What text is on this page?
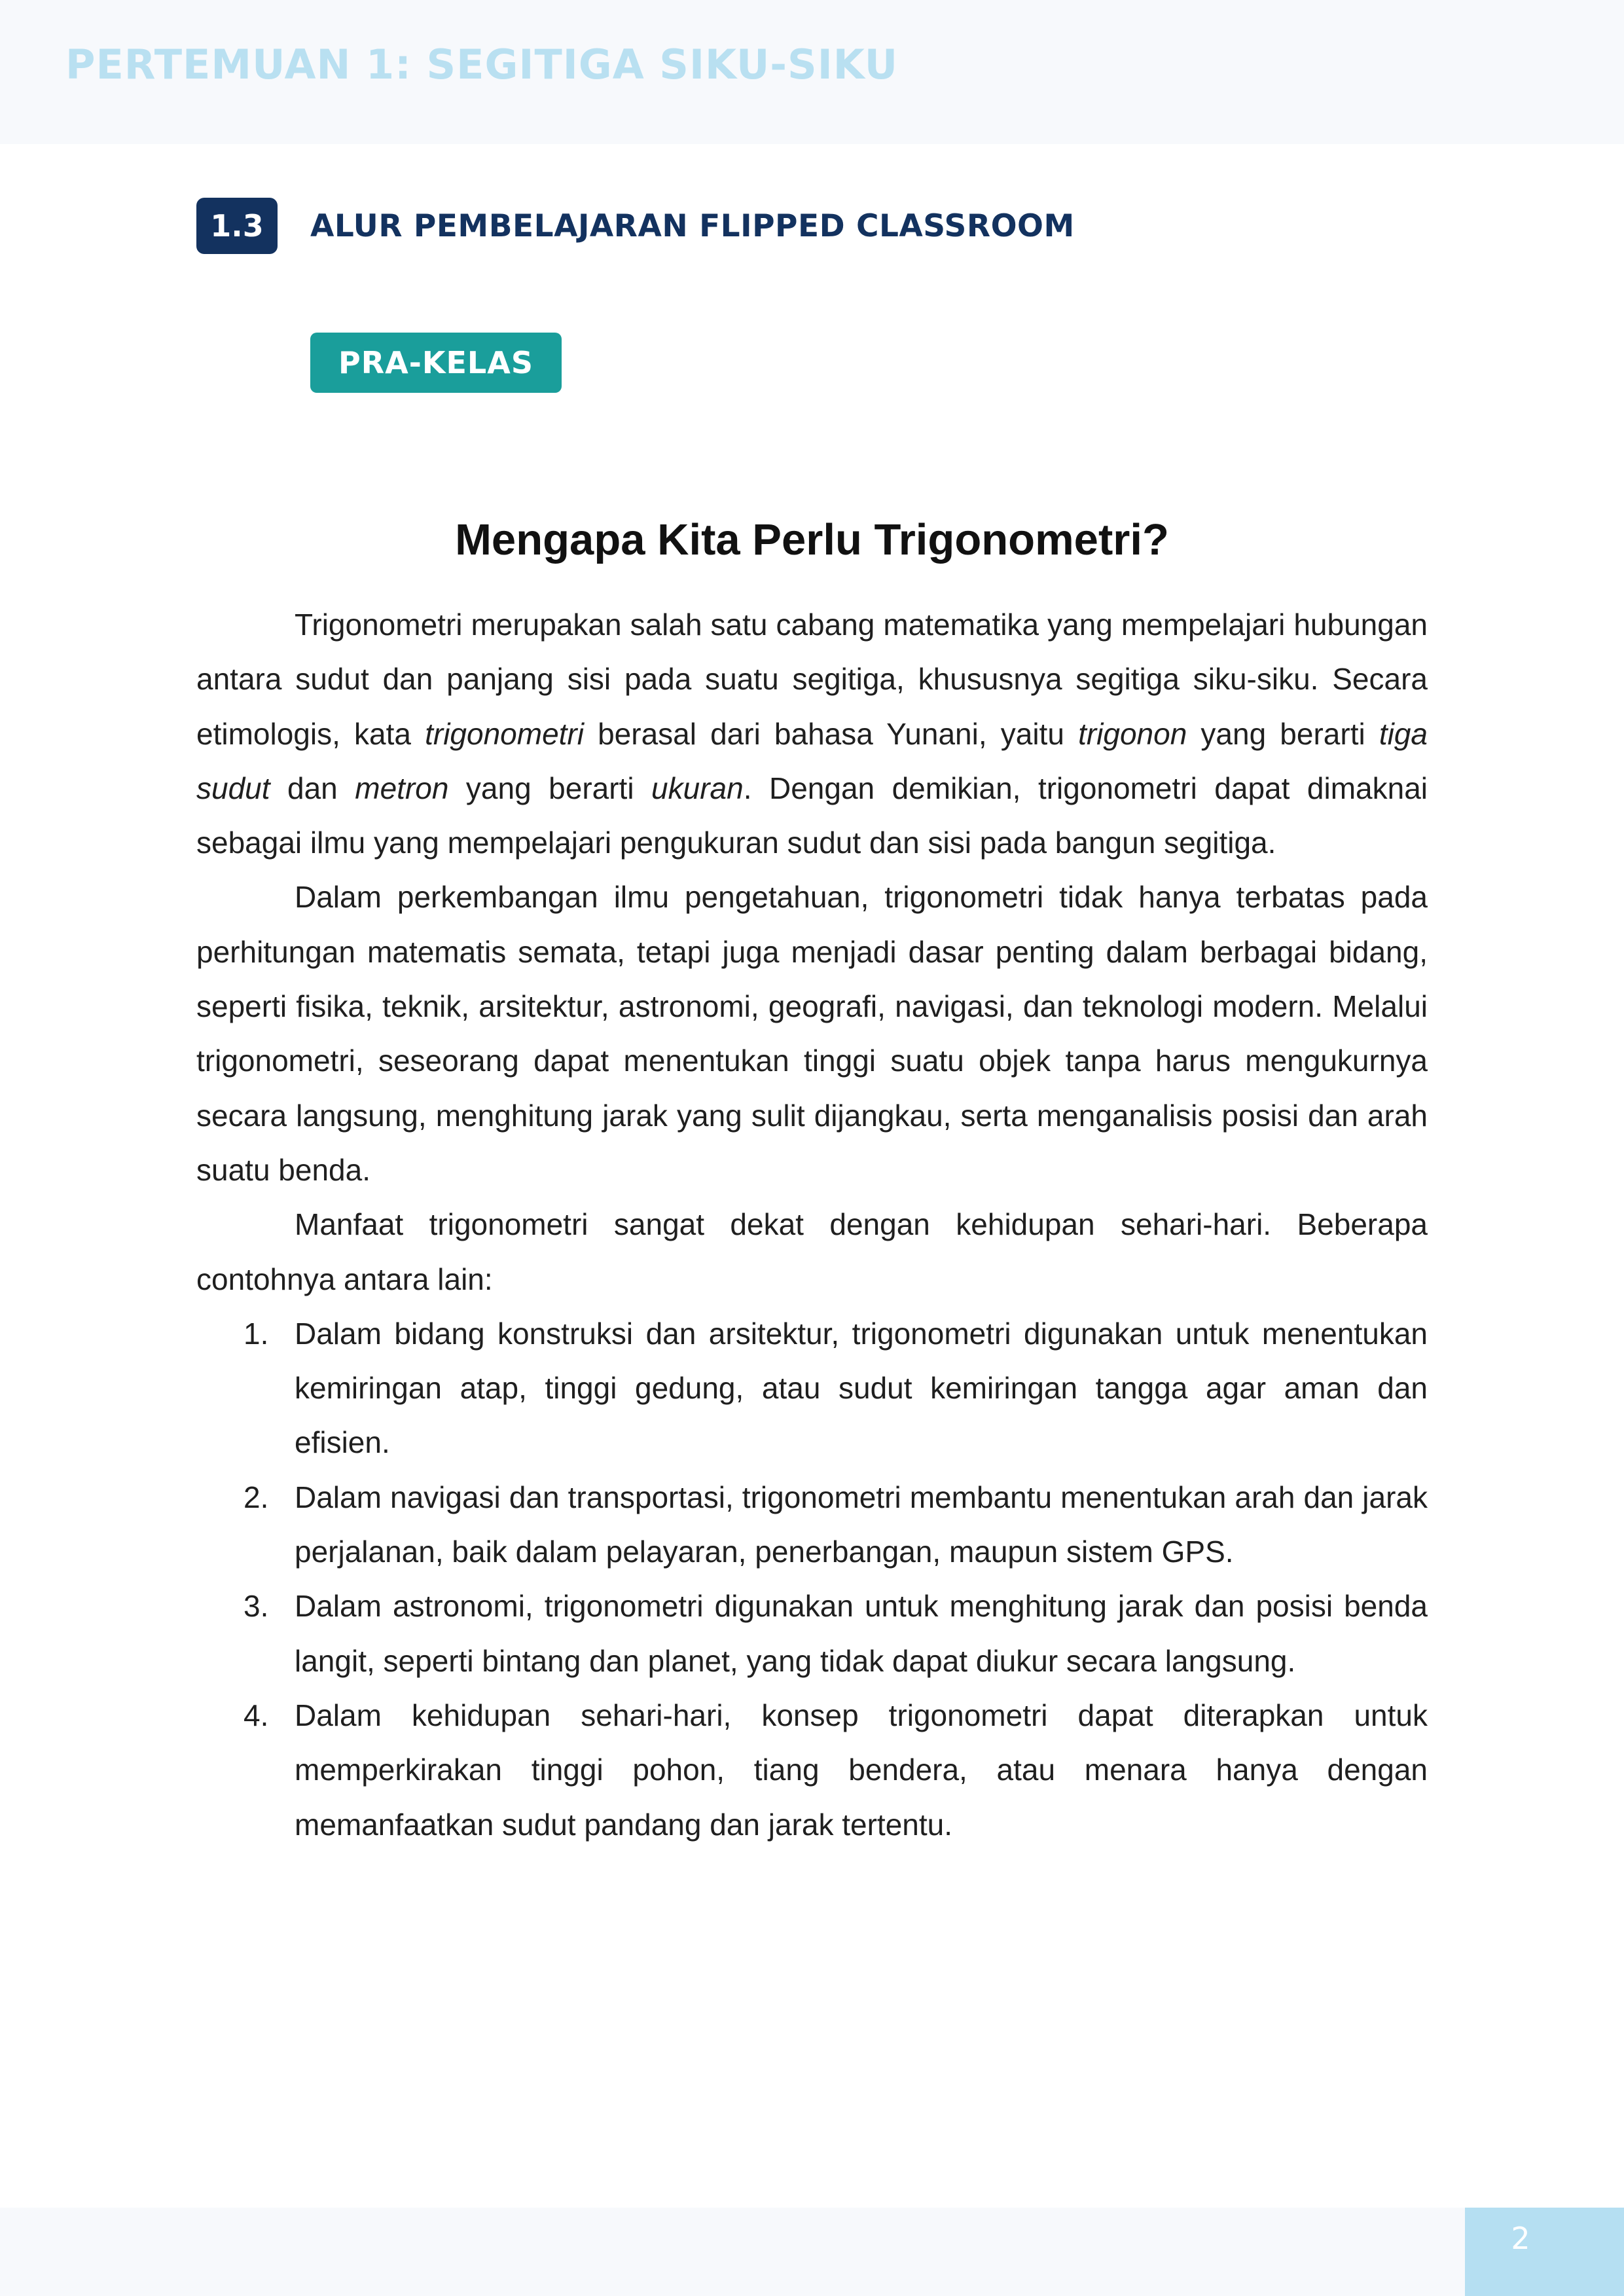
PERTEMUAN 1: SEGITIGA SIKU-SIKU
1.3	ALUR PEMBELAJARAN FLIPPED CLASSROOM
PRA-KELAS
Mengapa Kita Perlu Trigonometri?

Trigonometri merupakan salah satu cabang matematika yang mempelajari hubungan antara sudut dan panjang sisi pada suatu segitiga, khususnya segitiga siku-siku. Secara etimologis, kata trigonometri berasal dari bahasa Yunani, yaitu trigonon yang berarti tiga sudut dan metron yang berarti ukuran. Dengan demikian, trigonometri dapat dimaknai sebagai ilmu yang mempelajari pengukuran sudut dan sisi pada bangun segitiga.

Dalam perkembangan ilmu pengetahuan, trigonometri tidak hanya terbatas pada perhitungan matematis semata, tetapi juga menjadi dasar penting dalam berbagai bidang, seperti fisika, teknik, arsitektur, astronomi, geografi, navigasi, dan teknologi modern. Melalui trigonometri, seseorang dapat menentukan tinggi suatu objek tanpa harus mengukurnya secara langsung, menghitung jarak yang sulit dijangkau, serta menganalisis posisi dan arah suatu benda.

Manfaat trigonometri sangat dekat dengan kehidupan sehari-hari. Beberapa contohnya antara lain:

1. Dalam bidang konstruksi dan arsitektur, trigonometri digunakan untuk menentukan kemiringan atap, tinggi gedung, atau sudut kemiringan tangga agar aman dan efisien.
2. Dalam navigasi dan transportasi, trigonometri membantu menentukan arah dan jarak perjalanan, baik dalam pelayaran, penerbangan, maupun sistem GPS.
3. Dalam astronomi, trigonometri digunakan untuk menghitung jarak dan posisi benda langit, seperti bintang dan planet, yang tidak dapat diukur secara langsung.
4. Dalam kehidupan sehari-hari, konsep trigonometri dapat diterapkan untuk memperkirakan tinggi pohon, tiang bendera, atau menara hanya dengan memanfaatkan sudut pandang dan jarak tertentu.
2
